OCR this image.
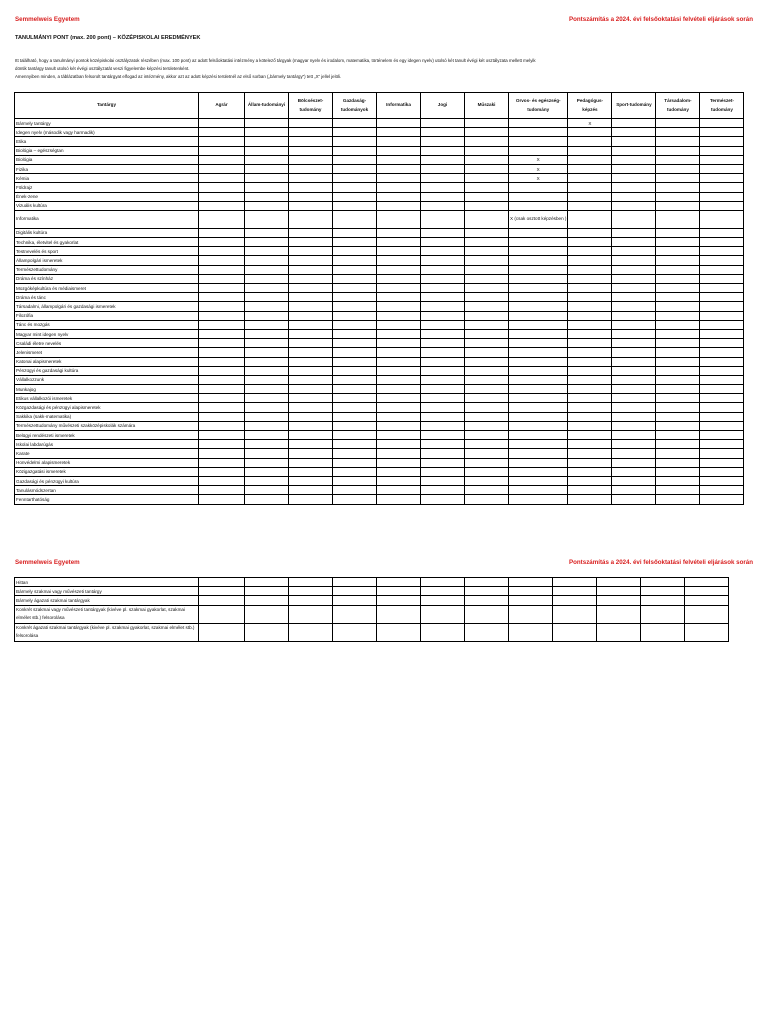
Semmelweis Egyetem	Pontszámítás a 2024. évi felsőoktatási felvételi eljárások során
TANULMÁNYI PONT (max. 200 pont) – KÖZÉPISKOLAI EREDMÉNYEK

Itt található, hogy a tanulmányi pontok középiskolai osztályzatok részében (max. 100 pont) az adott felsőoktatási intézmény a kötelező tárgyak (magyar nyelv és irodalom, matematika, történelem és egy idegen nyelv) utolsó két tanult évégi két osztályzata mellett melyik

döntik tantárgy tanult utolsó két évégi osztályzatát veszi figyelembe képzési területenként.

Amennyiben minden, a táblázatban felsorolt tantárgyat elfogad az intézmény, akkor azt az adott képzési területnél az első sorban („bármely tantárgy”) tett „X” jellel jelöli.

Tantárgy	Agrár	Állam-tudományi	Bölcsészet-tudomány	Gazdaság-tudományok	Informatika	Jogi	Műszaki	Orvos- és egészség-tudomány	Pedagógus-képzés	Sport-tudomány	Társadalom-tudomány	Természet-tudomány
Bármely tantárgy									X			
Idegen nyelv (második vagy harmadik)												
Etika												
Biológia – egészségtan												
Biológia								X				
Fizika								X				
Kémia								X				
Földrajz												
Ének-zene												
Vizuális kultúra												
Informatika								X (csak osztott képzésben )				
Digitális kultúra												
Technika, életvitel és gyakorlat												
Testnevelés és sport												
Állampolgári ismeretek												
Természettudomány												
Dráma és színház												
Mozgóképkultúra és médiaismeret												
Dráma és tánc												
Társadalmi, állampolgári és gazdasági ismeretek												
Filozófia												
Tánc és mozgás												
Magyar mint idegen nyelv												
Családi életre nevelés												
Jelenismeret												
Katonai alapismeretek												
Pénzügyi és gazdasági kultúra												
Vállalkozzunk												
Munkajog												
Etikus vállalkozói ismeretek												
Közgazdasági és pénzügyi alapismeretek												
Sakkika (sakk-matematika)												
Természettudomány művészeti szakközépiskolák számára												
Belügyi rendészeti ismeretek												
Iskolai labdarúgás												
Karate												
Honvédelmi alapismeretek												
Közigazgatási ismeretek												
Gazdasági és pénzügyi kultúra												
Tanulásmódszertan												
Fenntarthatóság												
Semmelweis Egyetem	Pontszámítás a 2024. évi felsőoktatási felvételi eljárások során
Hittan												
Bármely szakmai vagy művészeti tantárgy												
Bármely ágazati szakmai tantárgyak												
Konkrét szakmai vagy művészeti tantárgyak (kivéve pl. szakmai gyakorlat, szakmai elmélet stb.) felsorolása												
Konkrét ágazati szakmai tantárgyak (kivéve pl. szakmai gyakorlat, szakmai elmélet stb.) felsorolása												
